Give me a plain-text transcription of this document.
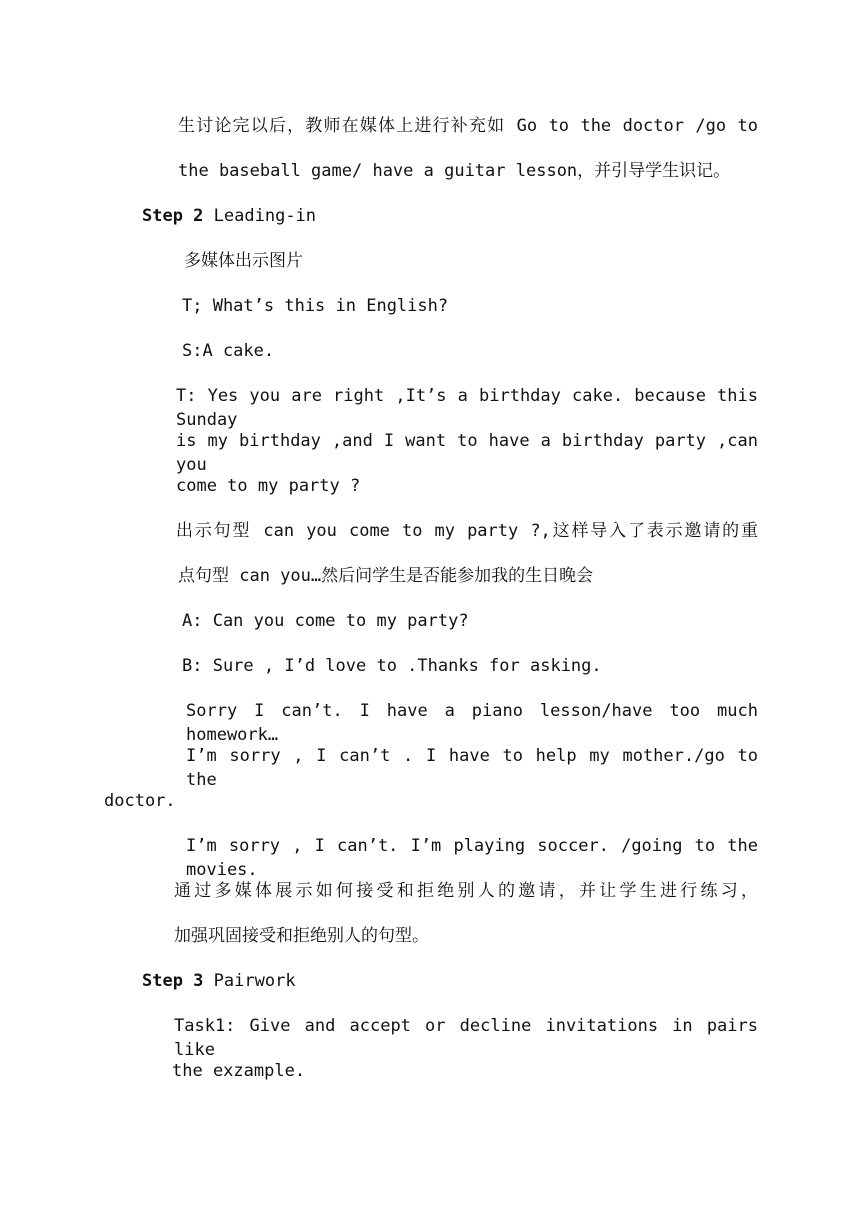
生讨论完以后，教师在媒体上进行补充如 Go to the doctor /go to
the baseball game/ have a guitar lesson，并引导学生识记。
Step 2 Leading-in
多媒体出示图片
T; What’s this in English?
S:A cake.
T: Yes you are right ,It’s a birthday cake. because this Sunday
is my birthday ,and I want to have a birthday party ,can you
come to my party ?
出示句型 can you come to my party ?,这样导入了表示邀请的重
点句型 can you…然后问学生是否能参加我的生日晚会
A: Can you come to my party?
B: Sure , I’d love to .Thanks for asking.
Sorry I can’t. I have a piano lesson/have too much homework…
I’m sorry , I can’t . I have to help my mother./go to the
doctor.
I’m sorry , I can’t. I’m playing soccer. /going to the movies.
通过多媒体展示如何接受和拒绝别人的邀请，并让学生进行练习，
加强巩固接受和拒绝别人的句型。
Step 3 Pairwork
Task1: Give and accept or decline invitations in pairs like
the exzample.
